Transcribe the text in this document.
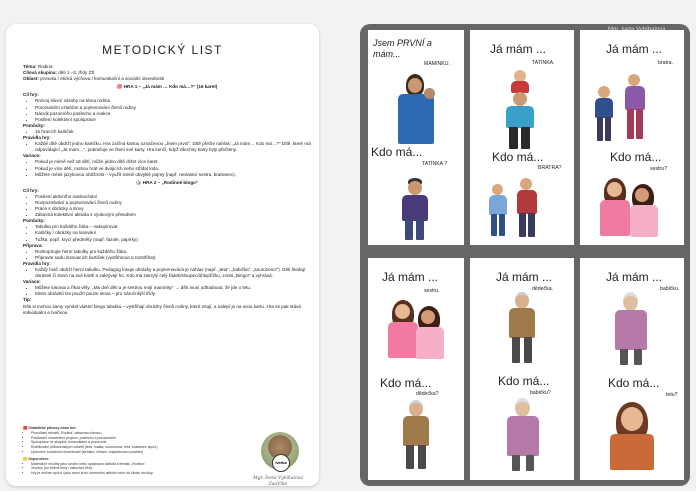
METODICKÝ LIST

Téma: Rodina

Cílová skupina: děti 1.–3. třídy ZŠ

Oblast: prvouka / etická výchova / komunikační a sociální dovednosti

🎯 HRA 1 – „Já mám … Kdo má…?“ (16 karet)

Cíl hry:

• Rozvoj slovní zásoby na téma rodina
• Porozumění vztahům a pojmenování členů rodiny
• Nácvik pozorného poslechu a reakce
• Posílení kolektivní spolupráce

Pomůcky:

• 16 hracích kartiček

Pravidla hry:

• Každé dítě obdrží jednu kartičku. Hra začíná kartou označenou „Jsem první“. Dítě přečte nahlas: „Já mám… Kdo má…?“ Dítě, které má odpovídající „Já mám…“, pokračuje ve čtení své karty. Hra končí, když všechny karty byly přečteny.

Variace:

• Pokud je méně než 16 dětí, může jedno dítě držet více karet.
• Pokud je více dětí, mohou hrát ve dvojicích nebo střídat kola.
• Můžete měnit jazykovou obtížnost – využít méně obvyklé pojmy (např. nevlastní sestra, bratranec).

🎲 HRA 2 – „Rodinné bingo“

Cíl hry:

• Posílení aktivního naslouchání
• Rozpoznávání a pojmenování členů rodiny
• Práce s obrázky a slovy
• Zábavná kolektivní aktivita s výukovým přesahem

Pomůcky:

• Tabulka pro každého žáka – nakopírovat
• Kartičky / obrázky na losování
• Tužka, popř. krycí předměty (např. fazole, papírky)

Příprava:

• Rozkopírujte herní tabulky pro každého žáka.
• Připravte sadu losovacích kartiček (vystřihnout a rozstříhat)

Pravidla hry:

• Každý hráč obdrží herní tabulku. Pedagog losuje obrázky a pojmenovává je nahlas (např. „teta“, „babička“, „sourozenci“). Děti hledají obrázek či slovo na své kartě a zakrývají ho. Kdo má zakrytý celý řádek/sloupec/úhlopříčku, zvolá „Bingo!“ a vyhrává.

Variace:

• Můžete losovat a říkat věty: „Má dvě děti a je sestrou mojí maminky“ → děti musí odhadnout, že jde o tetu.
• Místo obrázků lze použít pouze slova – pro náročnější třídy.

Tip:

Děti si mohou samy vyrobit vlastní bingo tabulku – vystřihají obrázky členů rodiny, které znají, a nalepí je na svou kartu. Hra se pak stává individuální a tvořivou.

🟥 Didaktické přínosy obou her:

• Procvičení tématu „Rodina“ zábavnou formou
• Posilování mluveného projevu, poslechu a porozumění
• Spolupráce ve skupině, komunikace a pozornost
• Rozlišování příbuzenských vztahů (teta, matka, sourozenci, teta, bratranec apod.)
• Upevnění sociálních dovedností (střídání, čekání, respektování pravidel)

🟨 Doporučení:

• Materiál je vhodný jako úvodní nebo opakovací aktivita k tématu „Rodina“.
• Vhodný pro běžné třídy i inkluzivní třídy.
• Hry je možné využít i jako ranní kruh, komunitní aktivitu nebo do školní družiny.
Ivetka
Mgr. Iveta Vybíhalová ZaaVibe
Jsem PRVNÍ a mám...
MAMINKU.
Kdo má...
TATÍNKA ?
Já mám ...
TATÍNKA.
Kdo má...
BRATRA?
Já mám ...
bratra.
Kdo má...
sestru?
Já mám ...
sestru.
Kdo má...
dědečka?
Já mám ...
dědečka.
Kdo má...
babičku?
Já mám ...
babičku.
Kdo má...
tetu?
